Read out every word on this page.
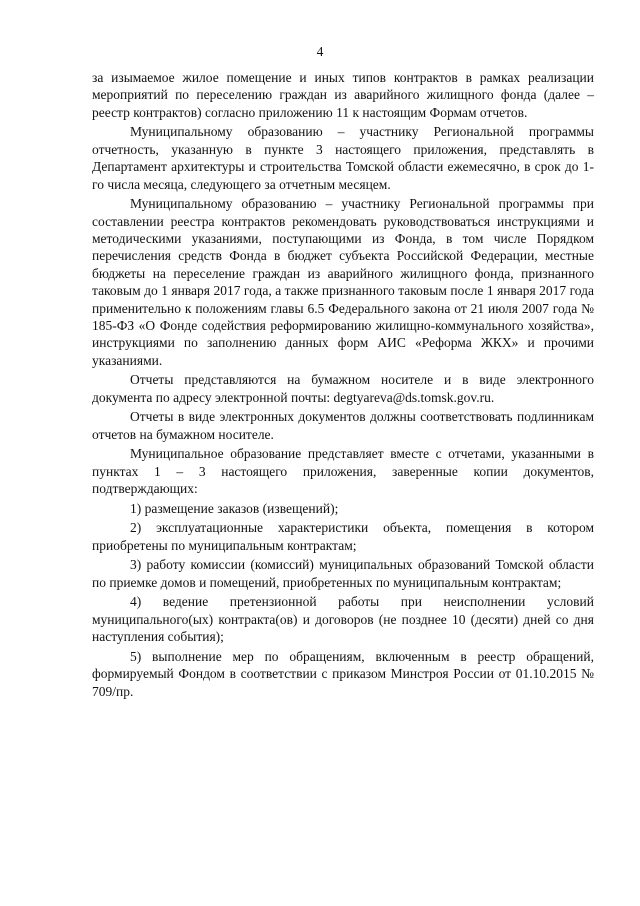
4

за изымаемое жилое помещение и иных типов контрактов в рамках реализации мероприятий по переселению граждан из аварийного жилищного фонда (далее – реестр контрактов) согласно приложению 11 к настоящим Формам отчетов.

Муниципальному образованию – участнику Региональной программы отчетность, указанную в пункте 3 настоящего приложения, представлять в Департамент архитектуры и строительства Томской области ежемесячно, в срок до 1-го числа месяца, следующего за отчетным месяцем.

Муниципальному образованию – участнику Региональной программы при составлении реестра контрактов рекомендовать руководствоваться инструкциями и методическими указаниями, поступающими из Фонда, в том числе Порядком перечисления средств Фонда в бюджет субъекта Российской Федерации, местные бюджеты на переселение граждан из аварийного жилищного фонда, признанного таковым до 1 января 2017 года, а также признанного таковым после 1 января 2017 года применительно к положениям главы 6.5 Федерального закона от 21 июля 2007 года № 185-ФЗ «О Фонде содействия реформированию жилищно-коммунального хозяйства», инструкциями по заполнению данных форм АИС «Реформа ЖКХ» и прочими указаниями.

Отчеты представляются на бумажном носителе и в виде электронного документа по адресу электронной почты: degtyareva@ds.tomsk.gov.ru.

Отчеты в виде электронных документов должны соответствовать подлинникам отчетов на бумажном носителе.

Муниципальное образование представляет вместе с отчетами, указанными в пунктах 1 – 3 настоящего приложения, заверенные копии документов, подтверждающих:

1) размещение заказов (извещений);

2) эксплуатационные характеристики объекта, помещения в котором приобретены по муниципальным контрактам;

3) работу комиссии (комиссий) муниципальных образований Томской области по приемке домов и помещений, приобретенных по муниципальным контрактам;

4) ведение претензионной работы при неисполнении условий муниципального(ых) контракта(ов) и договоров (не позднее 10 (десяти) дней со дня наступления события);

5) выполнение мер по обращениям, включенным в реестр обращений, формируемый Фондом в соответствии с приказом Минстроя России от 01.10.2015 № 709/пр.
